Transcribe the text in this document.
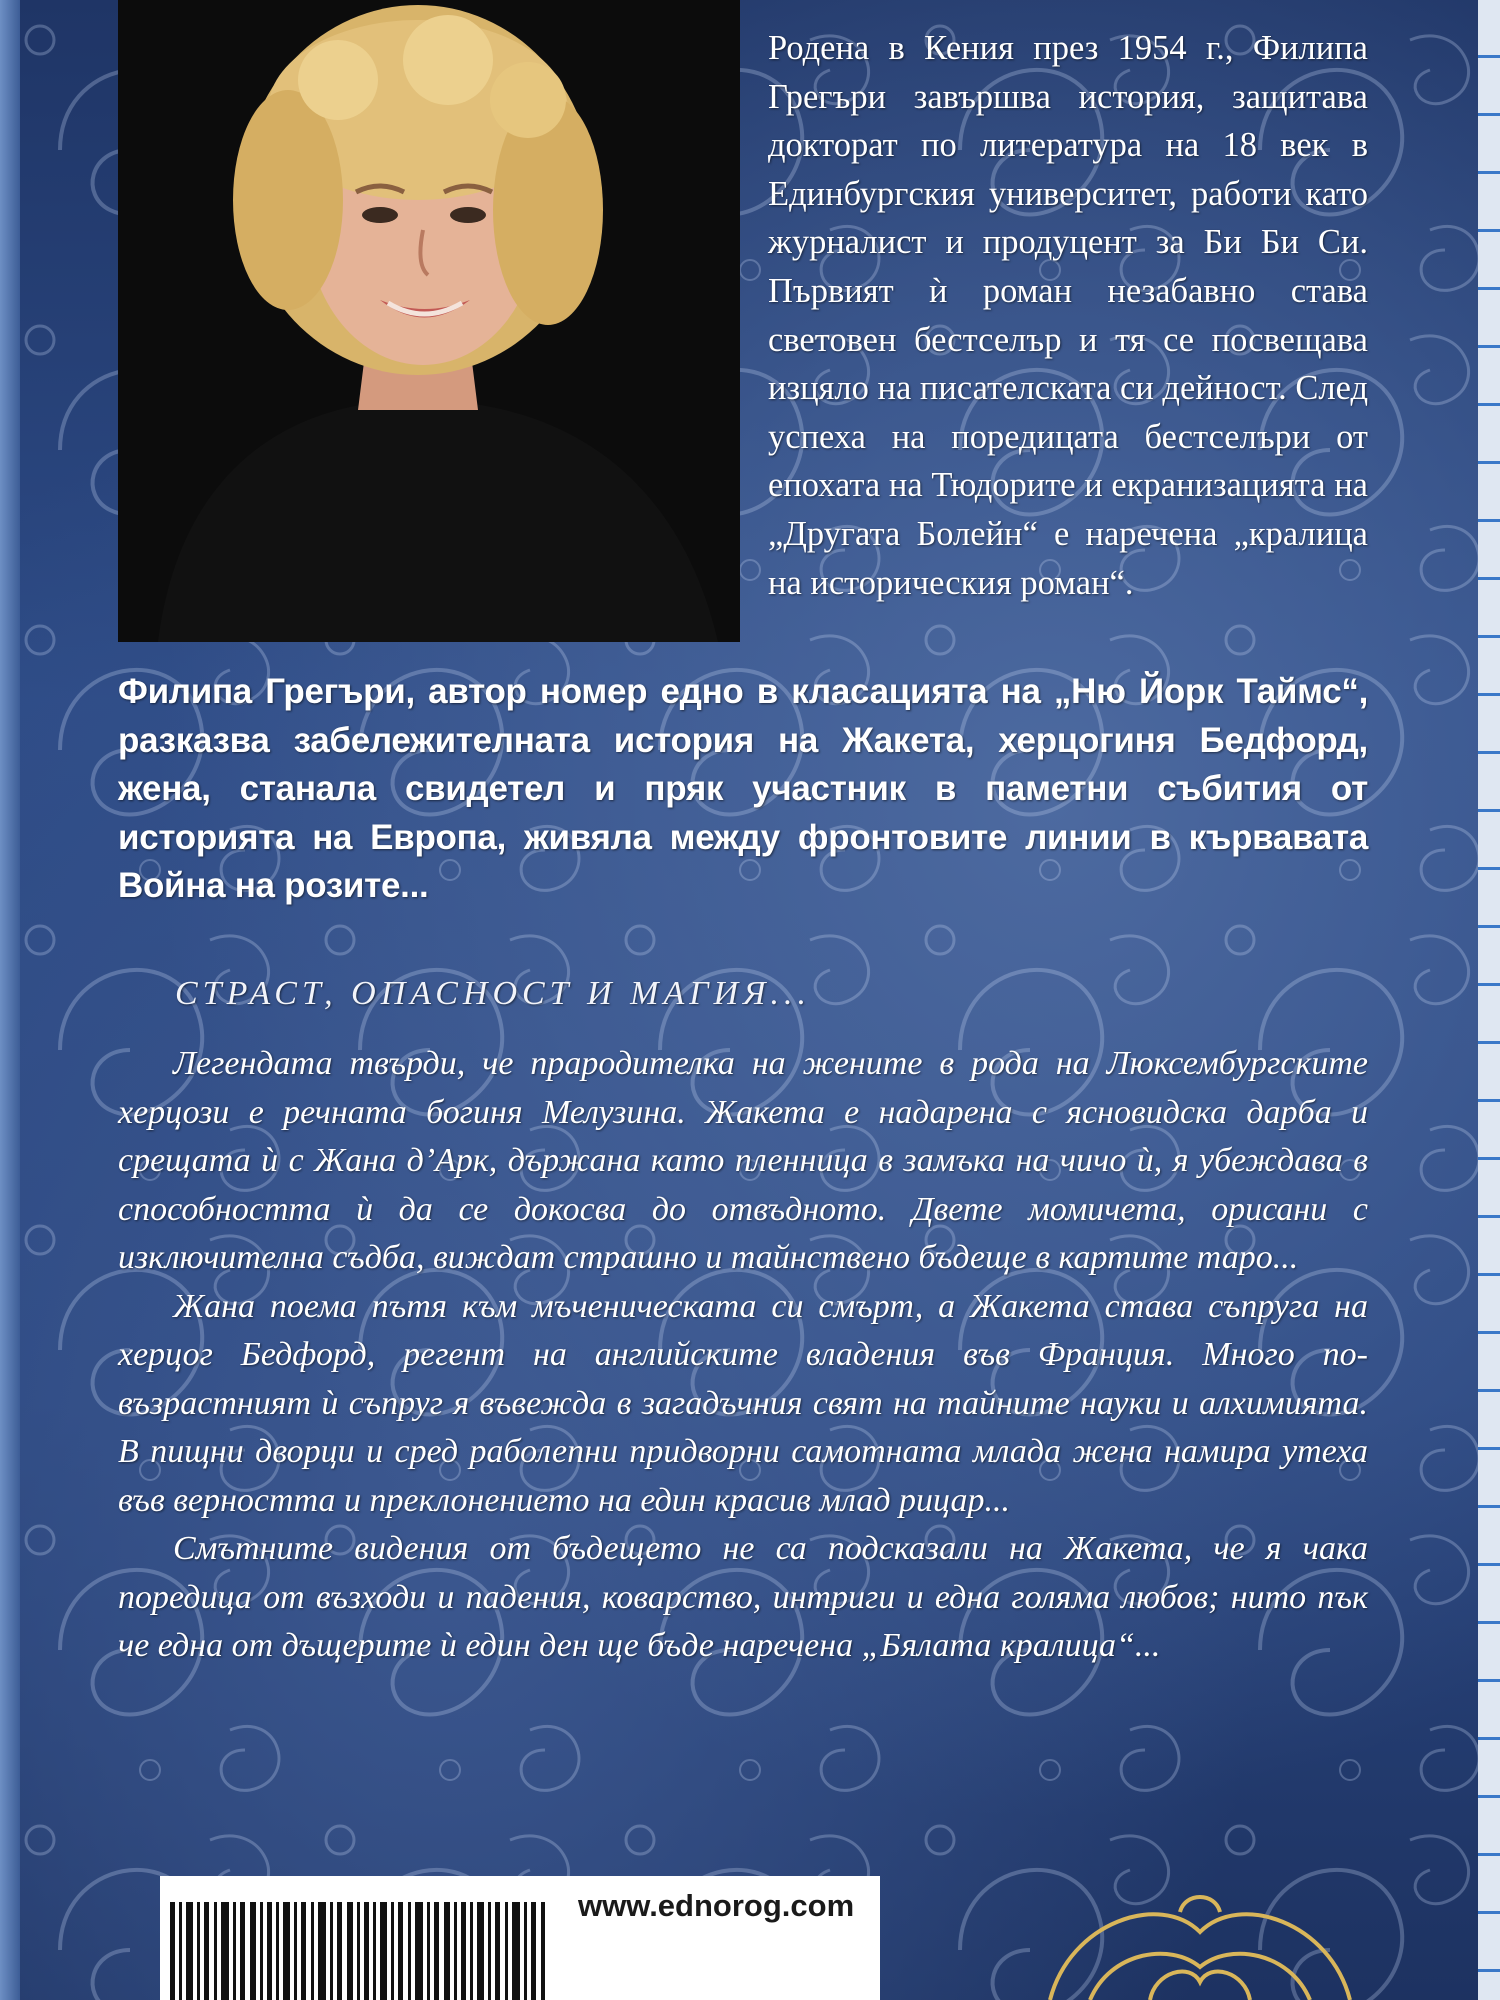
Родена в Кения през 1954 г., Филипа Грегъри завършва история, защитава докторат по литература на 18 век в Единбургския университет, работи като журналист и продуцент за Би Би Си. Първият ѝ роман незабавно става световен бестселър и тя се посвещава изцяло на писателската си дейност. След успеха на поредицата бестселъри от епохата на Тюдорите и екранизацията на „Другата Болейн“ е наречена „кралица на историческия роман“.
Филипа Грегъри, автор номер едно в класацията на „Ню Йорк Таймс“, разказва забележителната история на Жакета, херцогиня Бедфорд, жена, станала свидетел и пряк участник в паметни събития от историята на Европа, живяла между фронтовите линии в кървавата Война на розите...
СТРАСТ, ОПАСНОСТ И МАГИЯ...

Легендата твърди, че прародителка на жените в рода на Люксембургските херцози е речната богиня Мелузина. Жакета е надарена с ясновидска дарба и срещата ѝ с Жана д’Арк, държана като пленница в замъка на чичо ѝ, я убеждава в способността ѝ да се докосва до отвъдното. Двете момичета, орисани с изключителна съдба, виждат страшно и тайнствено бъдеще в картите таро...

Жана поема пътя към мъченическата си смърт, а Жакета става съпруга на херцог Бедфорд, регент на английските владения във Франция. Много по-възрастният ѝ съпруг я въвежда в загадъчния свят на тайните науки и алхимията. В пищни дворци и сред раболепни придворни самотната млада жена намира утеха във верността и преклонението на един красив млад рицар...

Смътните видения от бъдещето не са подсказали на Жакета, че я чака поредица от възходи и падения, коварство, интриги и една голяма любов; нито пък че една от дъщерите ѝ един ден ще бъде наречена „Бялата кралица“...

www.ednorog.com
